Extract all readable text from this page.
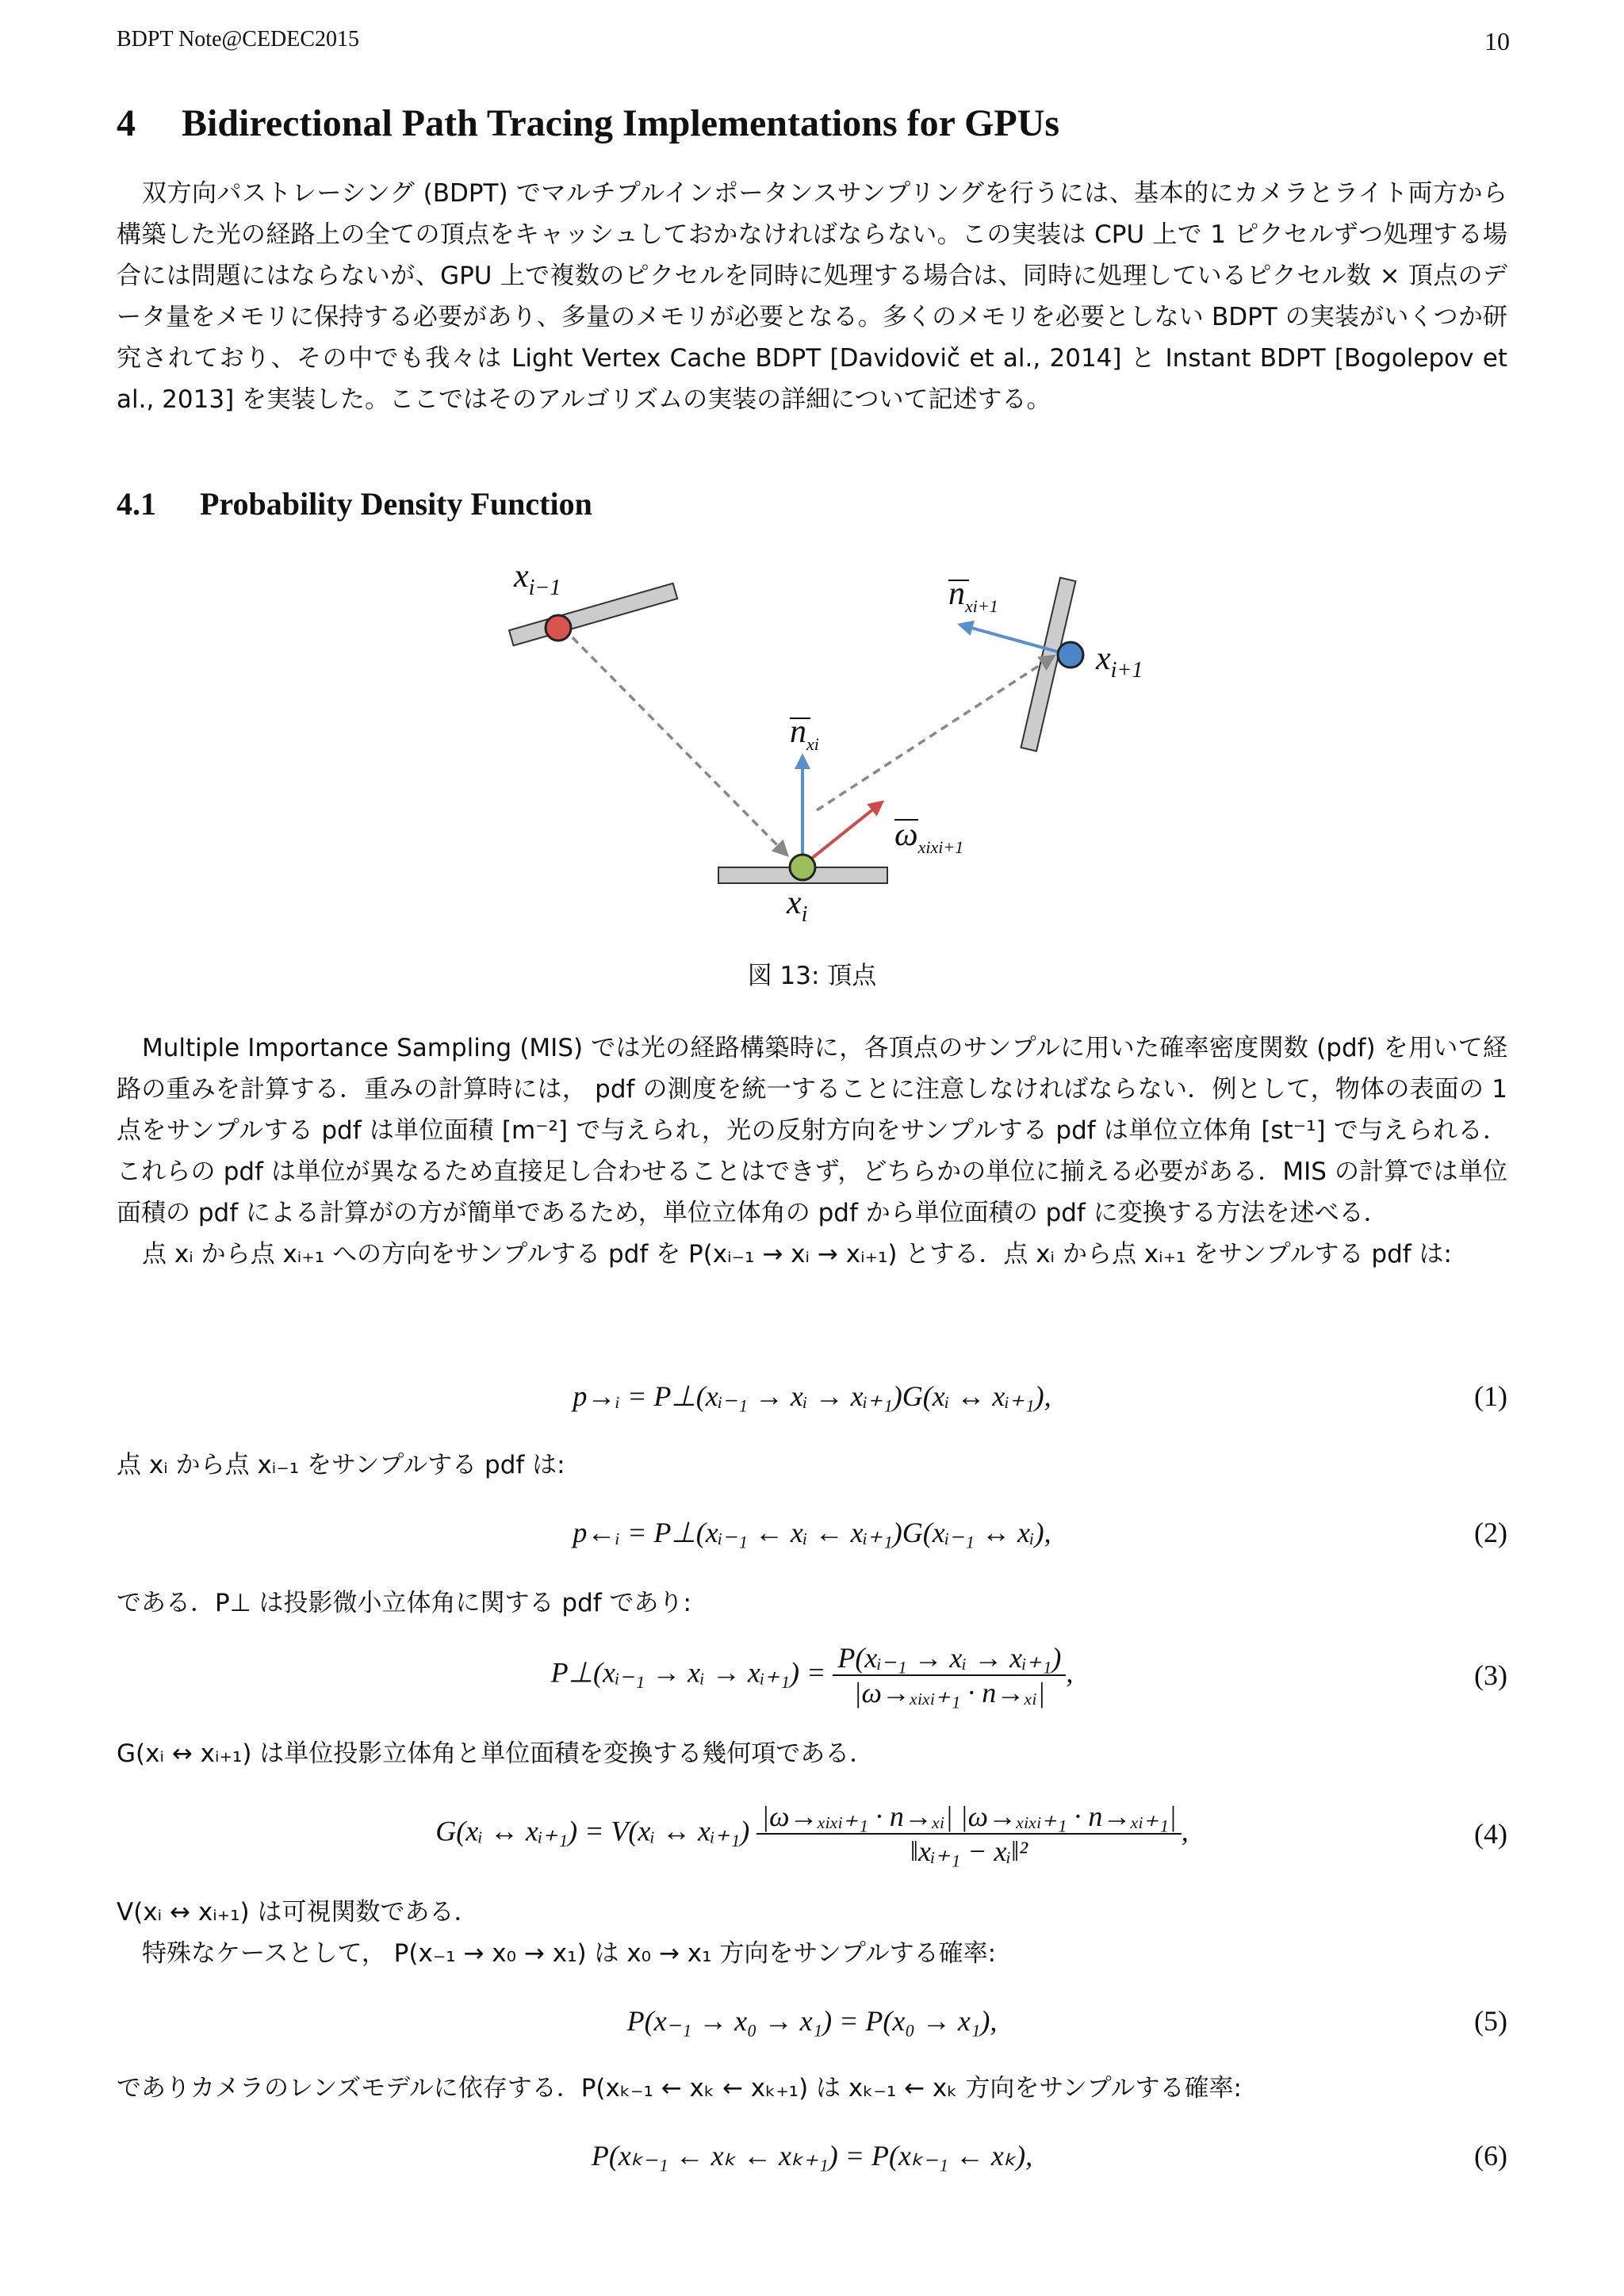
BDPT Note@CEDEC2015	10
4 Bidirectional Path Tracing Implementations for GPUs

双方向パストレーシング (BDPT) でマルチプルインポータンスサンプリングを行うには、基本的にカメラとライト両方から構築した光の経路上の全ての頂点をキャッシュしておかなければならない。この実装は CPU 上で 1 ピクセルずつ処理する場合には問題にはならないが、GPU 上で複数のピクセルを同時に処理する場合は、同時に処理しているピクセル数 × 頂点のデータ量をメモリに保持する必要があり、多量のメモリが必要となる。多くのメモリを必要としない BDPT の実装がいくつか研究されており、その中でも我々は Light Vertex Cache BDPT [Davidovič et al., 2014] と Instant BDPT [Bogolepov et al., 2013] を実装した。ここではそのアルゴリズムの実装の詳細について記述する。

4.1 Probability Density Function
$x_{i-1}$
$x_{i+1}$
$x_i$
$n_{xi}$
$n_{xi+1}$
$\omega_{xixi+1}$
図 13: 頂点

Multiple Importance Sampling (MIS) では光の経路構築時に，各頂点のサンプルに用いた確率密度関数 (pdf) を用いて経路の重みを計算する．重みの計算時には， pdf の測度を統一することに注意しなければならない．例として，物体の表面の 1 点をサンプルする pdf は単位面積 [m⁻²] で与えられ，光の反射方向をサンプルする pdf は単位立体角 [st⁻¹] で与えられる．これらの pdf は単位が異なるため直接足し合わせることはできず，どちらかの単位に揃える必要がある．MIS の計算では単位面積の pdf による計算がの方が簡単であるため，単位立体角の pdf から単位面積の pdf に変換する方法を述べる．

点 xᵢ から点 xᵢ₊₁ への方向をサンプルする pdf を P(xᵢ₋₁ → xᵢ → xᵢ₊₁) とする．点 xᵢ から点 xᵢ₊₁ をサンプルする pdf は:

p→ᵢ = P⊥(xᵢ₋₁ → xᵢ → xᵢ₊₁)G(xᵢ ↔ xᵢ₊₁),	(1)
点 xᵢ から点 xᵢ₋₁ をサンプルする pdf は:
p←ᵢ = P⊥(xᵢ₋₁ ← xᵢ ← xᵢ₊₁)G(xᵢ₋₁ ↔ xᵢ),	(2)
である．P⊥ は投影微小立体角に関する pdf であり:
P⊥(xᵢ₋₁ → xᵢ → xᵢ₊₁) = $\frac{\text{P(xᵢ₋₁ → xᵢ → xᵢ₊₁)}}{\text{|ω→ₓᵢₓᵢ₊₁ · n→ₓᵢ|}}$ ,	(3)
G(xᵢ ↔ xᵢ₊₁) は単位投影立体角と単位面積を変換する幾何項である．
G(xᵢ ↔ xᵢ₊₁) = V(xᵢ ↔ xᵢ₊₁) $\frac{\text{|ω→ₓᵢₓᵢ₊₁ · n→ₓᵢ| |ω→ₓᵢₓᵢ₊₁ · n→ₓᵢ₊₁|}}{\text{‖xᵢ₊₁ − xᵢ‖²}}$ ,	(4)
V(xᵢ ↔ xᵢ₊₁) は可視関数である．
特殊なケースとして， P(x₋₁ → x₀ → x₁) は x₀ → x₁ 方向をサンプルする確率:
P(x₋₁ → x₀ → x₁) = P(x₀ → x₁),	(5)
でありカメラのレンズモデルに依存する．P(xₖ₋₁ ← xₖ ← xₖ₊₁) は xₖ₋₁ ← xₖ 方向をサンプルする確率:
P(xₖ₋₁ ← xₖ ← xₖ₊₁) = P(xₖ₋₁ ← xₖ),	(6)
